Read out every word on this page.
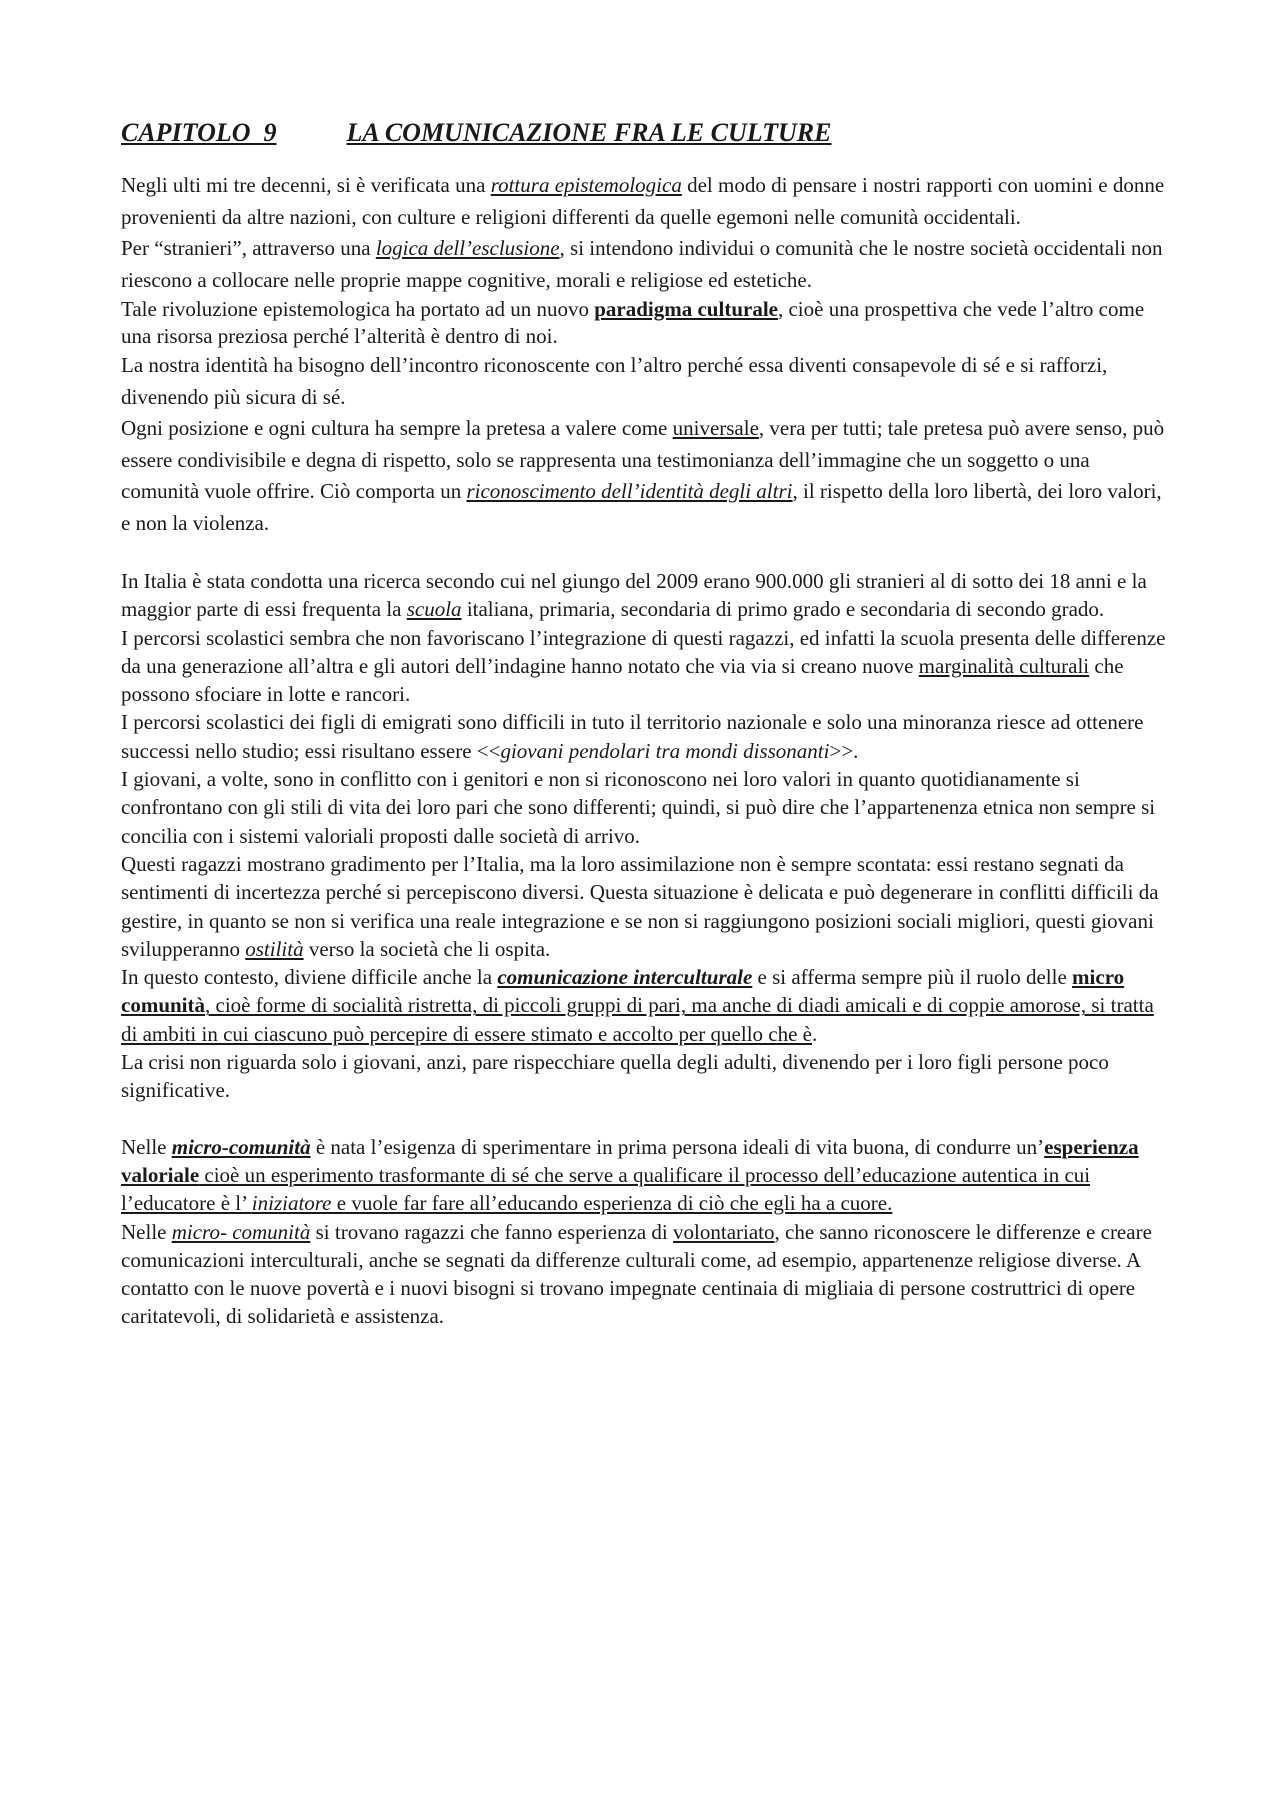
CAPITOLO  9	LA COMUNICAZIONE FRA LE CULTURE

Negli ulti mi tre decenni, si è verificata una rottura epistemologica del modo di pensare i nostri rapporti con uomini e donne provenienti da altre nazioni, con culture e religioni differenti da quelle egemoni nelle comunità occidentali.

Per “stranieri”, attraverso una logica dell’esclusione, si intendono individui o comunità che le nostre società occidentali non riescono a collocare nelle proprie mappe cognitive, morali e religiose ed estetiche.

Tale rivoluzione epistemologica ha portato ad un nuovo paradigma culturale, cioè una prospettiva che vede l’altro come una risorsa preziosa perché l’alterità è dentro di noi.

La nostra identità ha bisogno dell’incontro riconoscente con l’altro perché essa diventi consapevole di sé e si rafforzi, divenendo più sicura di sé.

Ogni posizione e ogni cultura ha sempre la pretesa a valere come universale, vera per tutti; tale pretesa può avere senso, può essere condivisibile e degna di rispetto, solo se rappresenta una testimonianza dell’immagine che un soggetto o una comunità vuole offrire. Ciò comporta un riconoscimento dell’identità degli altri, il rispetto della loro libertà, dei loro valori, e non la violenza.

In Italia è stata condotta una ricerca secondo cui nel giungo del 2009 erano 900.000 gli stranieri al di sotto dei 18 anni e la maggior parte di essi frequenta la scuola italiana, primaria, secondaria di primo grado e secondaria di secondo grado.

I percorsi scolastici sembra che non favoriscano l’integrazione di questi ragazzi, ed infatti la scuola presenta delle differenze da una generazione all’altra e gli autori dell’indagine hanno notato che via via si creano nuove marginalità culturali che possono sfociare in lotte e rancori.

I percorsi scolastici dei figli di emigrati sono difficili in tuto il territorio nazionale e solo una minoranza riesce ad ottenere successi nello studio; essi risultano essere <<giovani pendolari tra mondi dissonanti>>.

I giovani, a volte, sono in conflitto con i genitori e non si riconoscono nei loro valori in quanto quotidianamente si confrontano con gli stili di vita dei loro pari che sono differenti; quindi, si può dire che l’appartenenza etnica non sempre si concilia con i sistemi valoriali proposti dalle società di arrivo.

Questi ragazzi mostrano gradimento per l’Italia, ma la loro assimilazione non è sempre scontata: essi restano segnati da sentimenti di incertezza perché si percepiscono diversi. Questa situazione è delicata e può degenerare in conflitti difficili da gestire, in quanto se non si verifica una reale integrazione e se non si raggiungono posizioni sociali migliori, questi giovani svilupperanno ostilità verso la società che li ospita.

In questo contesto, diviene difficile anche la comunicazione interculturale e si afferma sempre più il ruolo delle micro comunità, cioè forme di socialità ristretta, di piccoli gruppi di pari, ma anche di diadi amicali e di coppie amorose, si tratta di ambiti in cui ciascuno può percepire di essere stimato e accolto per quello che è.

La crisi non riguarda solo i giovani, anzi, pare rispecchiare quella degli adulti, divenendo per i loro figli persone poco significative.

Nelle micro-comunità è nata l’esigenza di sperimentare in prima persona ideali di vita buona, di condurre un’esperienza valoriale cioè un esperimento trasformante di sé che serve a qualificare il processo dell’educazione autentica in cui l’educatore è l’ iniziatore e vuole far fare all’educando esperienza di ciò che egli ha a cuore.

Nelle micro- comunità si trovano ragazzi che fanno esperienza di volontariato, che sanno riconoscere le differenze e creare comunicazioni interculturali, anche se segnati da differenze culturali come, ad esempio, appartenenze religiose diverse. A contatto con le nuove povertà e i nuovi bisogni si trovano impegnate centinaia di migliaia di persone costruttrici di opere caritatevoli, di solidarietà e assistenza.
